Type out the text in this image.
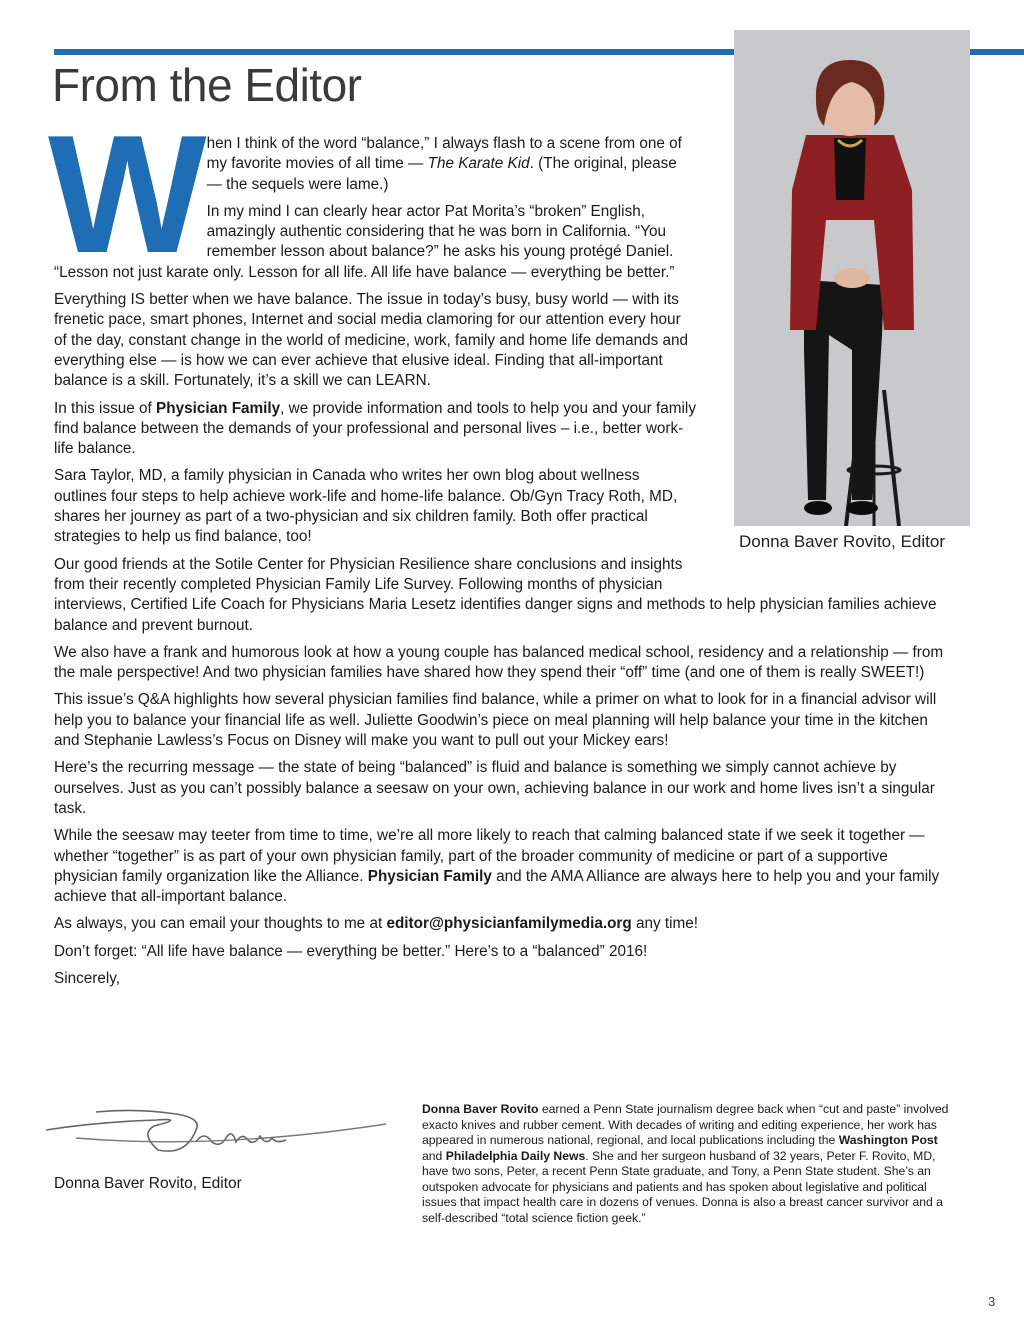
From the Editor
Donna Baver Rovito, Editor
W hen I think of the word “balance,” I always flash to a scene from one of my favorite movies of all time — The Karate Kid. (The original, please — the sequels were lame.)

In my mind I can clearly hear actor Pat Morita’s “broken” English, amazingly authentic considering that he was born in California. “You remember lesson about balance?” he asks his young protégé Daniel. “Lesson not just karate only. Lesson for all life. All life have balance — everything be better.”

Everything IS better when we have balance. The issue in today’s busy, busy world — with its frenetic pace, smart phones, Internet and social media clamoring for our attention every hour of the day, constant change in the world of medicine, work, family and home life demands and everything else — is how we can ever achieve that elusive ideal. Finding that all-important balance is a skill. Fortunately, it’s a skill we can LEARN.

In this issue of Physician Family, we provide information and tools to help you and your family find balance between the demands of your professional and personal lives – i.e., better work-life balance.

Sara Taylor, MD, a family physician in Canada who writes her own blog about wellness outlines four steps to help achieve work-life and home-life balance. Ob/Gyn Tracy Roth, MD, shares her journey as part of a two-physician and six children family. Both offer practical strategies to help us find balance, too!

Our good friends at the Sotile Center for Physician Resilience share conclusions and insights from their recently completed Physician Family Life Survey. Following months of physician interviews, Certified Life Coach for Physicians Maria Lesetz identifies danger signs and methods to help physician families achieve balance and prevent burnout.

We also have a frank and humorous look at how a young couple has balanced medical school, residency and a relationship — from the male perspective! And two physician families have shared how they spend their “off” time (and one of them is really SWEET!)

This issue’s Q&A highlights how several physician families find balance, while a primer on what to look for in a financial advisor will help you to balance your financial life as well. Juliette Goodwin’s piece on meal planning will help balance your time in the kitchen and Stephanie Lawless’s Focus on Disney will make you want to pull out your Mickey ears!

Here’s the recurring message — the state of being “balanced” is fluid and balance is something we simply cannot achieve by ourselves. Just as you can’t possibly balance a seesaw on your own, achieving balance in our work and home lives isn’t a singular task.

While the seesaw may teeter from time to time, we’re all more likely to reach that calming balanced state if we seek it together — whether “together” is as part of your own physician family, part of the broader community of medicine or part of a supportive physician family organization like the Alliance. Physician Family and the AMA Alliance are always here to help you and your family achieve that all-important balance.

As always, you can email your thoughts to me at editor@physicianfamilymedia.org any time!

Don’t forget: “All life have balance — everything be better.” Here’s to a “balanced” 2016!

Sincerely,

Donna Baver Rovito, Editor
Donna Baver Rovito earned a Penn State journalism degree back when “cut and paste” involved exacto knives and rubber cement. With decades of writing and editing experience, her work has appeared in numerous national, regional, and local publications including the Washington Post and Philadelphia Daily News. She and her surgeon husband of 32 years, Peter F. Rovito, MD, have two sons, Peter, a recent Penn State graduate, and Tony, a Penn State student. She’s an outspoken advocate for physicians and patients and has spoken about legislative and political issues that impact health care in dozens of venues. Donna is also a breast cancer survivor and a self-described “total science fiction geek.”
3
